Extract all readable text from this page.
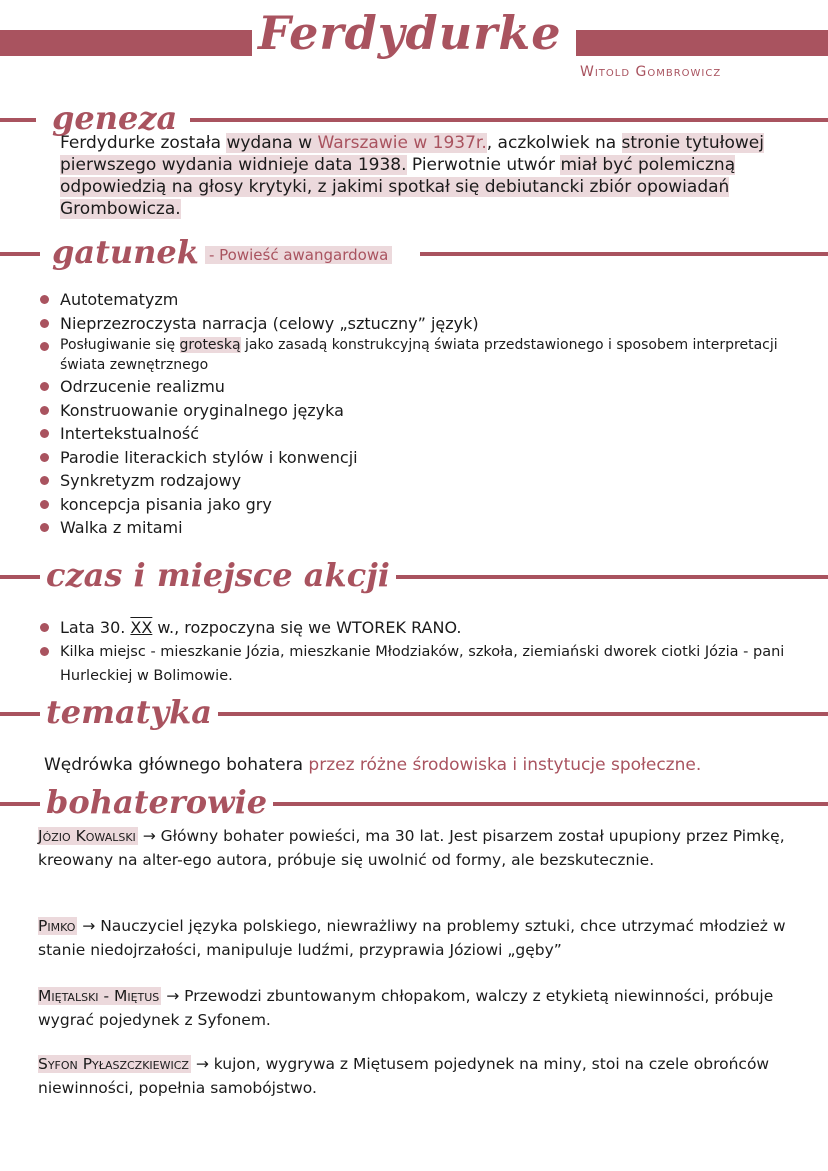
Ferdydurke
Witold Gombrowicz
geneza
Ferdydurke została wydana w Warszawie w 1937r., aczkolwiek na stronie tytułowej pierwszego wydania widnieje data 1938. Pierwotnie utwór miał być polemiczną odpowiedzią na głosy krytyki, z jakimi spotkał się debiutancki zbiór opowiadań Grombowicza.
gatunek - Powieść awangardowa
Autotematyzm
Nieprzezroczysta narracja (celowy „sztuczny” język)
Posługiwanie się groteską jako zasadą konstrukcyjną świata przedstawionego i sposobem interpretacji świata zewnętrznego
Odrzucenie realizmu
Konstruowanie oryginalnego języka
Intertekstualność
Parodie literackich stylów i konwencji
Synkretyzm rodzajowy
koncepcja pisania jako gry
Walka z mitami
czas i miejsce akcji
Lata 30. XX w., rozpoczyna się we WTOREK RANO.
Kilka miejsc - mieszkanie Józia, mieszkanie Młodziaków, szkoła, ziemiański dworek ciotki Józia - pani Hurleckiej w Bolimowie.
tematyka
Wędrówka głównego bohatera przez różne środowiska i instytucje społeczne.
bohaterowie
Józio Kowalski → Główny bohater powieści, ma 30 lat. Jest pisarzem został upupiony przez Pimkę, kreowany na alter-ego autora, próbuje się uwolnić od formy, ale bezskutecznie.
Pimko → Nauczyciel języka polskiego, niewrażliwy na problemy sztuki, chce utrzymać młodzież w stanie niedojrzałości, manipuluje ludźmi, przyprawia Józiowi „gęby”
Miętalski - Miętus → Przewodzi zbuntowanym chłopakom, walczy z etykietą niewinności, próbuje wygrać pojedynek z Syfonem.
Syfon Pyłaszczkiewicz → kujon, wygrywa z Miętusem pojedynek na miny, stoi na czele obrońców niewinności, popełnia samobójstwo.
